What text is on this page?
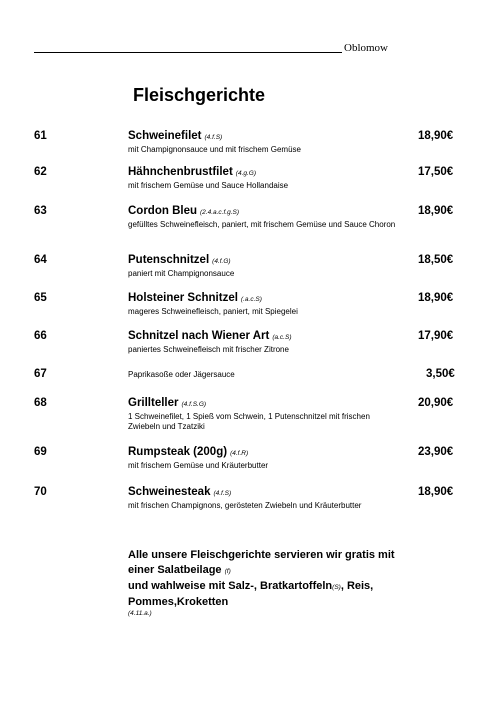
Oblomow
Fleischgerichte
61	Schweinefilet (4.f.S)
mit Champignonsauce und mit frischem Gemüse
18,90€
62	Hähnchenbrustfilet (4.g.G)
mit frischem Gemüse und Sauce Hollandaise
17,50€
63	Cordon Bleu (2.4.a.c.f.g.S)
gefülltes Schweinefleisch, paniert, mit frischem Gemüse und Sauce Choron
18,90€
64	Putenschnitzel (4.f.G)
paniert mit Champignonsauce
18,50€
65	Holsteiner Schnitzel (.a.c.S)
mageres Schweinefleisch, paniert, mit Spiegelei
18,90€
66	Schnitzel nach Wiener Art (a.c.S)
paniertes Schweinefleisch mit frischer Zitrone
17,90€
67	Paprikasoße oder Jägersauce	3,50€
68	Grillteller (4.f.S.G)
1 Schweinefilet, 1 Spieß vom Schwein, 1 Putenschnitzel mit frischen Zwiebeln und Tzatziki
20,90€
69	Rumpsteak (200g) (4.f.R)
mit frischem Gemüse und Kräuterbutter
23,90€
70	Schweinesteak (4.f.S)
mit frischen Champignons, gerösteten Zwiebeln und Kräuterbutter
18,90€
Alle unsere Fleischgerichte servieren wir gratis mit einer Salatbeilage (f)
und wahlweise mit Salz-, Bratkartoffeln(S), Reis, Pommes,Kroketten
(4.11.a.)
